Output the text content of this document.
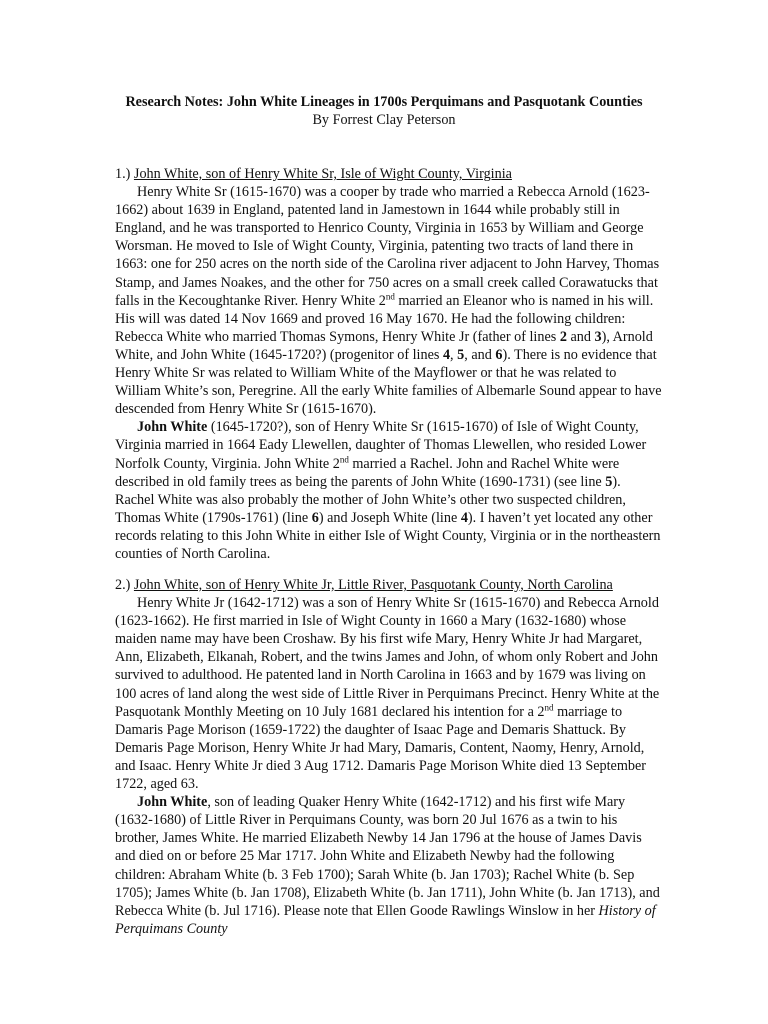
Research Notes: John White Lineages in 1700s Perquimans and Pasquotank Counties
By Forrest Clay Peterson

1.) John White, son of Henry White Sr, Isle of Wight County, Virginia

Henry White Sr (1615-1670) was a cooper by trade who married a Rebecca Arnold (1623-1662) about 1639 in England, patented land in Jamestown in 1644 while probably still in England, and he was transported to Henrico County, Virginia in 1653 by William and George Worsman. He moved to Isle of Wight County, Virginia, patenting two tracts of land there in 1663: one for 250 acres on the north side of the Carolina river adjacent to John Harvey, Thomas Stamp, and James Noakes, and the other for 750 acres on a small creek called Corawatucks that falls in the Kecoughtanke River. Henry White 2nd married an Eleanor who is named in his will. His will was dated 14 Nov 1669 and proved 16 May 1670. He had the following children: Rebecca White who married Thomas Symons, Henry White Jr (father of lines 2 and 3), Arnold White, and John White (1645-1720?) (progenitor of lines 4, 5, and 6). There is no evidence that Henry White Sr was related to William White of the Mayflower or that he was related to William White’s son, Peregrine. All the early White families of Albemarle Sound appear to have descended from Henry White Sr (1615-1670).

John White (1645-1720?), son of Henry White Sr (1615-1670) of Isle of Wight County, Virginia married in 1664 Eady Llewellen, daughter of Thomas Llewellen, who resided Lower Norfolk County, Virginia. John White 2nd married a Rachel. John and Rachel White were described in old family trees as being the parents of John White (1690-1731) (see line 5). Rachel White was also probably the mother of John White’s other two suspected children, Thomas White (1790s-1761) (line 6) and Joseph White (line 4). I haven’t yet located any other records relating to this John White in either Isle of Wight County, Virginia or in the northeastern counties of North Carolina.

2.) John White, son of Henry White Jr, Little River, Pasquotank County, North Carolina

Henry White Jr (1642-1712) was a son of Henry White Sr (1615-1670) and Rebecca Arnold (1623-1662). He first married in Isle of Wight County in 1660 a Mary (1632-1680) whose maiden name may have been Croshaw. By his first wife Mary, Henry White Jr had Margaret, Ann, Elizabeth, Elkanah, Robert, and the twins James and John, of whom only Robert and John survived to adulthood. He patented land in North Carolina in 1663 and by 1679 was living on 100 acres of land along the west side of Little River in Perquimans Precinct. Henry White at the Pasquotank Monthly Meeting on 10 July 1681 declared his intention for a 2nd marriage to Damaris Page Morison (1659-1722) the daughter of Isaac Page and Demaris Shattuck. By Demaris Page Morison, Henry White Jr had Mary, Damaris, Content, Naomy, Henry, Arnold, and Isaac. Henry White Jr died 3 Aug 1712. Damaris Page Morison White died 13 September 1722, aged 63.

John White, son of leading Quaker Henry White (1642-1712) and his first wife Mary (1632-1680) of Little River in Perquimans County, was born 20 Jul 1676 as a twin to his brother, James White. He married Elizabeth Newby 14 Jan 1796 at the house of James Davis and died on or before 25 Mar 1717. John White and Elizabeth Newby had the following children: Abraham White (b. 3 Feb 1700); Sarah White (b. Jan 1703); Rachel White (b. Sep 1705); James White (b. Jan 1708), Elizabeth White (b. Jan 1711), John White (b. Jan 1713), and Rebecca White (b. Jul 1716). Please note that Ellen Goode Rawlings Winslow in her History of Perquimans County
